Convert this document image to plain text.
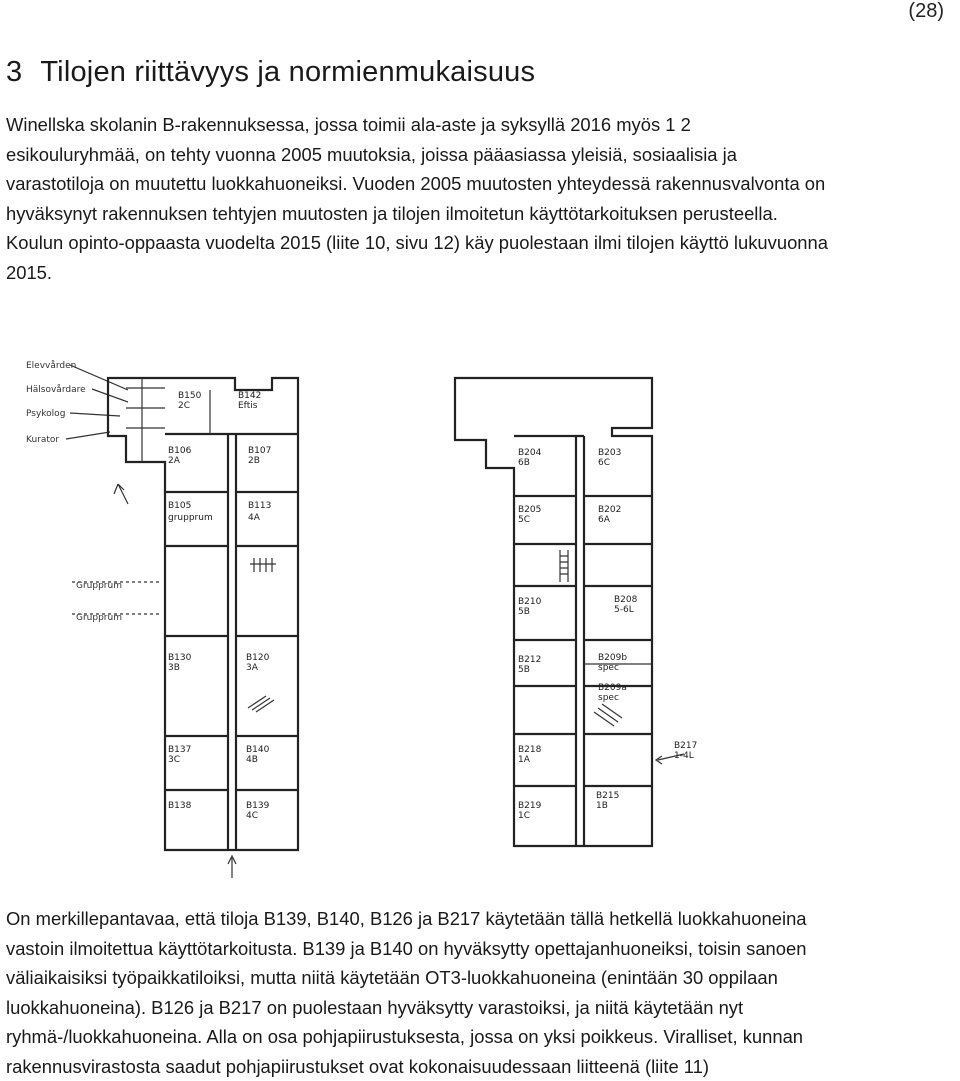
(28)
3 Tilojen riittävyys ja normienmukaisuus

Winellska skolanin B-rakennuksessa, jossa toimii ala-aste ja syksyllä 2016 myös 1 2
esikouluryhmää, on tehty vuonna 2005 muutoksia, joissa pääasiassa yleisiä, sosiaalisia ja
varastotiloja on muutettu luokkahuoneiksi. Vuoden 2005 muutosten yhteydessä rakennusvalvonta on
hyväksynyt rakennuksen tehtyjen muutosten ja tilojen ilmoitetun käyttötarkoituksen perusteella.
Koulun opinto-oppaasta vuodelta 2015 (liite 10, sivu 12) käy puolestaan ilmi tilojen käyttö lukuvuonna
2015.

Elevvården
Hälsovårdare
Psykolog
Kurator
Grupprum
Grupprum
B150
2C
B142
Eftis
B106
2A
B107
2B
B105
grupprum
B113
4A
B130
3B
B120
3A
B137
3C
B140
4B
B138	B139
4C
B204
6B
B203
6C
B205
5C
B202
6A
B210
5B
B208
5-6L
B212
5B
B209b
spec
B209a
spec
B218
1A
B217
1-4L
B219
1C
B215
1B

On merkillepantavaa, että tiloja B139, B140, B126 ja B217 käytetään tällä hetkellä luokkahuoneina
vastoin ilmoitettua käyttötarkoitusta. B139 ja B140 on hyväksytty opettajanhuoneiksi, toisin sanoen
väliaikaisiksi työpaikkatiloiksi, mutta niitä käytetään OT3-luokkahuoneina (enintään 30 oppilaan
luokkahuoneina). B126 ja B217 on puolestaan hyväksytty varastoiksi, ja niitä käytetään nyt
ryhmä-/luokkahuoneina. Alla on osa pohjapiirustuksesta, jossa on yksi poikkeus. Viralliset, kunnan
rakennusvirastosta saadut pohjapiirustukset ovat kokonaisuudessaan liitteenä (liite 11)
